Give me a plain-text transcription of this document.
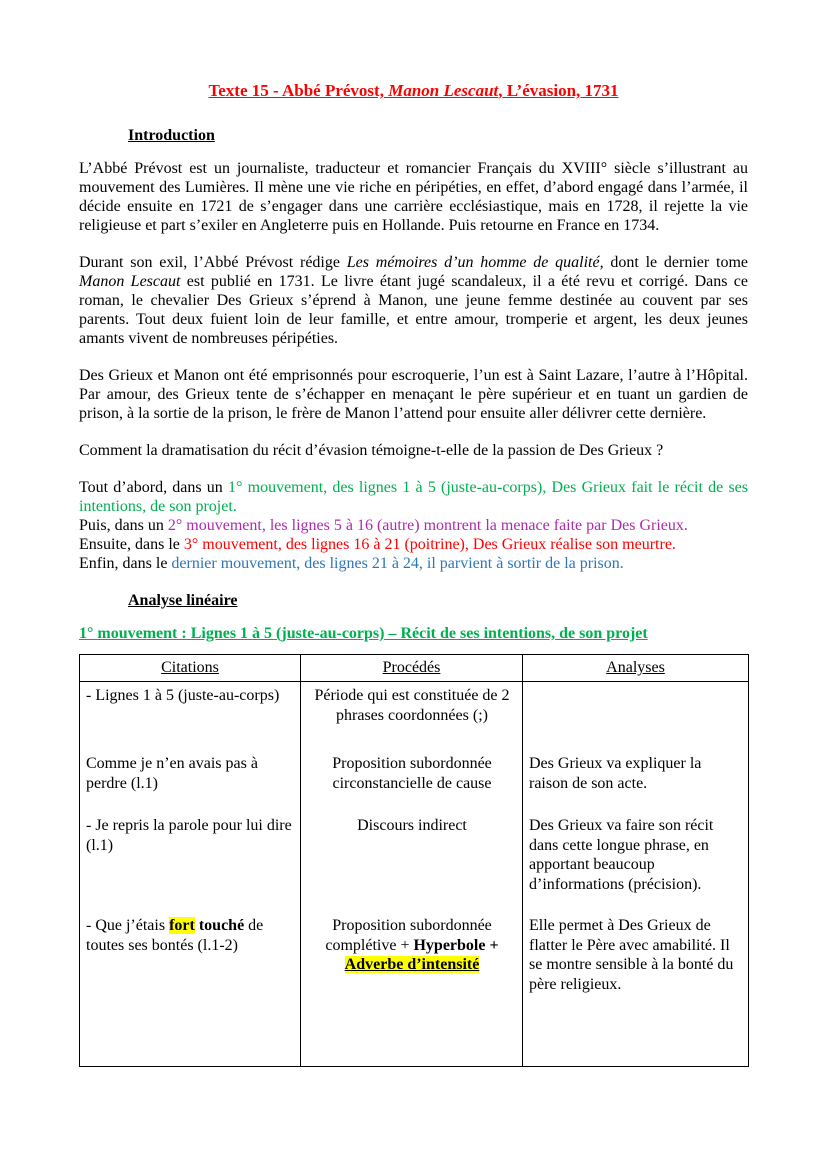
Texte 15 - Abbé Prévost, Manon Lescaut, L’évasion, 1731
Introduction

L’Abbé Prévost est un journaliste, traducteur et romancier Français du XVIII° siècle s’illustrant au mouvement des Lumières. Il mène une vie riche en péripéties, en effet, d’abord engagé dans l’armée, il décide ensuite en 1721 de s’engager dans une carrière ecclésiastique, mais en 1728, il rejette la vie religieuse et part s’exiler en Angleterre puis en Hollande. Puis retourne en France en 1734.

Durant son exil, l’Abbé Prévost rédige Les mémoires d’un homme de qualité, dont le dernier tome Manon Lescaut est publié en 1731. Le livre étant jugé scandaleux, il a été revu et corrigé. Dans ce roman, le chevalier Des Grieux s’éprend à Manon, une jeune femme destinée au couvent par ses parents. Tout deux fuient loin de leur famille, et entre amour, tromperie et argent, les deux jeunes amants vivent de nombreuses péripéties.

Des Grieux et Manon ont été emprisonnés pour escroquerie, l’un est à Saint Lazare, l’autre à l’Hôpital. Par amour, des Grieux tente de s’échapper en menaçant le père supérieur et en tuant un gardien de prison, à la sortie de la prison, le frère de Manon l’attend pour ensuite aller délivrer cette dernière.

Comment la dramatisation du récit d’évasion témoigne-t-elle de la passion de Des Grieux ?

Tout d’abord, dans un 1° mouvement, des lignes 1 à 5 (juste-au-corps), Des Grieux fait le récit de ses intentions, de son projet.
Puis, dans un 2° mouvement, les lignes 5 à 16 (autre) montrent la menace faite par Des Grieux.
Ensuite, dans le 3° mouvement, des lignes 16 à 21 (poitrine), Des Grieux réalise son meurtre.
Enfin, dans le dernier mouvement, des lignes 21 à 24, il parvient à sortir de la prison.
Analyse linéaire
1° mouvement : Lignes 1 à 5 (juste-au-corps) – Récit de ses intentions, de son projet
Citations	Procédés	Analyses
- Lignes 1 à 5 (juste-au-corps)	Période qui est constituée de 2 phrases coordonnées (;)	
Comme je n’en avais pas à perdre (l.1)	Proposition subordonnée circonstancielle de cause	Des Grieux va expliquer la raison de son acte.
- Je repris la parole pour lui dire (l.1)	Discours indirect	Des Grieux va faire son récit dans cette longue phrase, en apportant beaucoup d’informations (précision).
- Que j’étais fort touché de toutes ses bontés (l.1-2)	Proposition subordonnée complétive + Hyperbole + Adverbe d’intensité	Elle permet à Des Grieux de flatter le Père avec amabilité. Il se montre sensible à la bonté du père religieux.
